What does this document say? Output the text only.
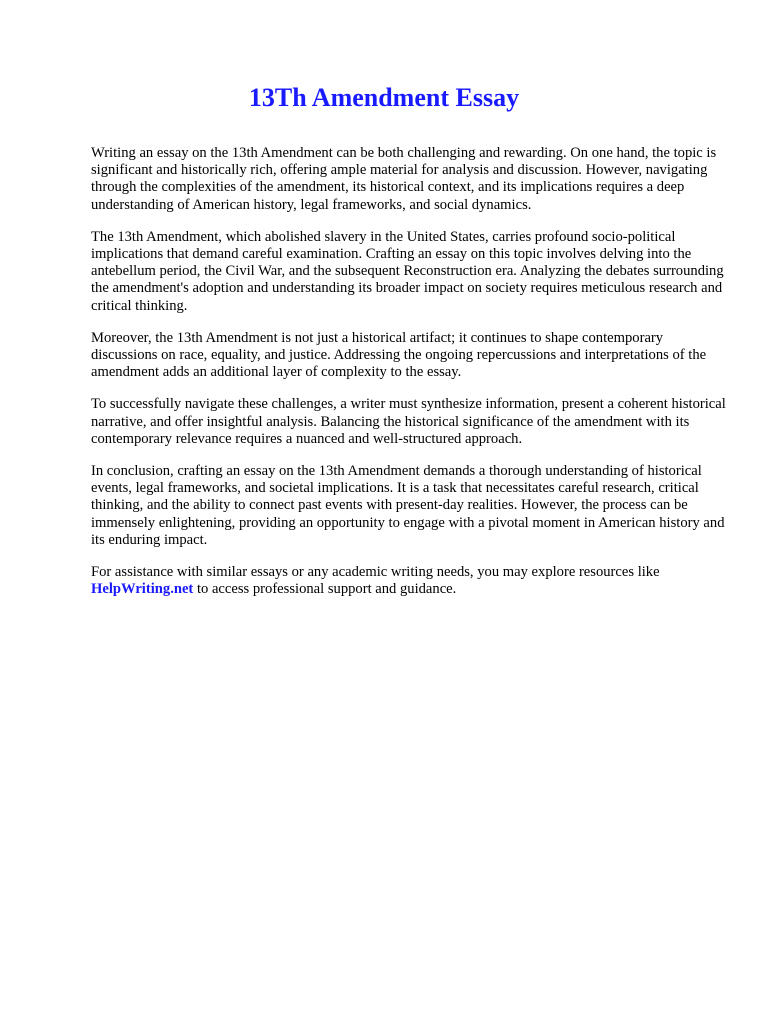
13Th Amendment Essay

Writing an essay on the 13th Amendment can be both challenging and rewarding. On one hand, the topic is significant and historically rich, offering ample material for analysis and discussion. However, navigating through the complexities of the amendment, its historical context, and its implications requires a deep understanding of American history, legal frameworks, and social dynamics.

The 13th Amendment, which abolished slavery in the United States, carries profound socio-political implications that demand careful examination. Crafting an essay on this topic involves delving into the antebellum period, the Civil War, and the subsequent Reconstruction era. Analyzing the debates surrounding the amendment's adoption and understanding its broader impact on society requires meticulous research and critical thinking.

Moreover, the 13th Amendment is not just a historical artifact; it continues to shape contemporary discussions on race, equality, and justice. Addressing the ongoing repercussions and interpretations of the amendment adds an additional layer of complexity to the essay.

To successfully navigate these challenges, a writer must synthesize information, present a coherent historical narrative, and offer insightful analysis. Balancing the historical significance of the amendment with its contemporary relevance requires a nuanced and well-structured approach.

In conclusion, crafting an essay on the 13th Amendment demands a thorough understanding of historical events, legal frameworks, and societal implications. It is a task that necessitates careful research, critical thinking, and the ability to connect past events with present-day realities. However, the process can be immensely enlightening, providing an opportunity to engage with a pivotal moment in American history and its enduring impact.

For assistance with similar essays or any academic writing needs, you may explore resources like HelpWriting.net to access professional support and guidance.
